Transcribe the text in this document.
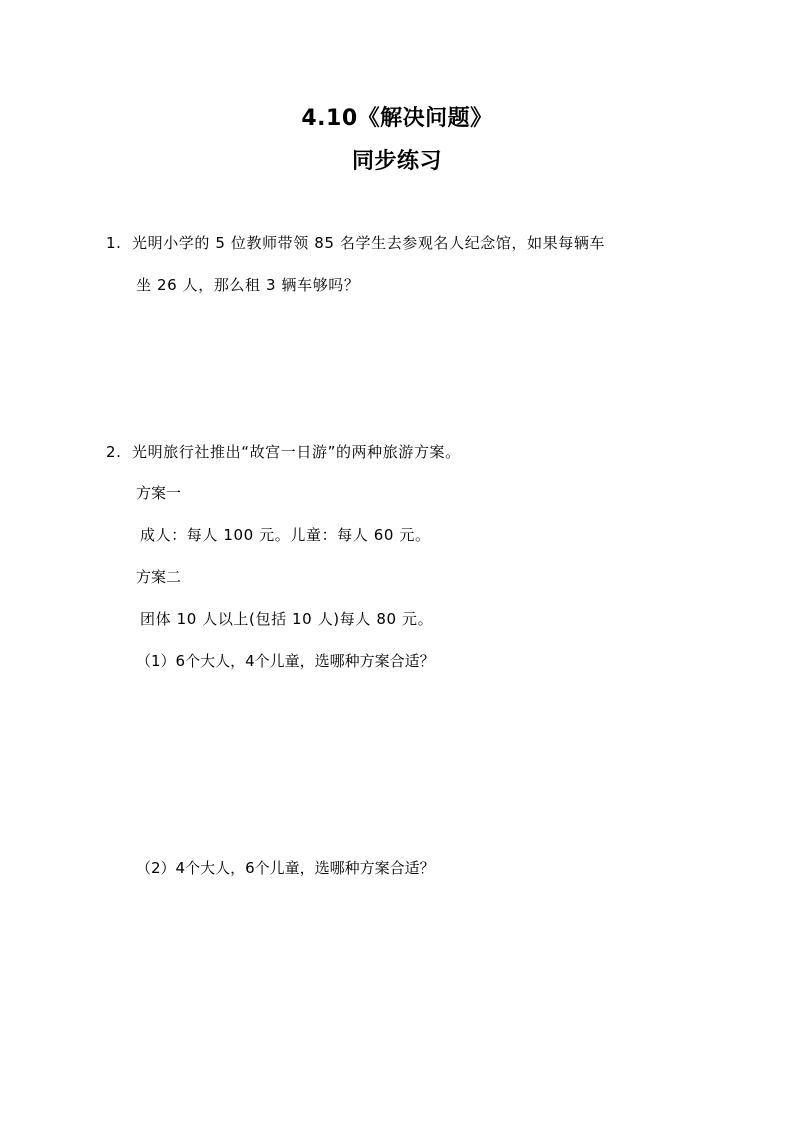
4.10《解决问题》
同步练习
1. 光明小学的 5 位教师带领 85 名学生去参观名人纪念馆，如果每辆车
坐 26 人，那么租 3 辆车够吗？
2. 光明旅行社推出“故宫一日游”的两种旅游方案。
方案一
成人：每人 100 元。儿童：每人 60 元。
方案二
团体 10 人以上(包括 10 人)每人 80 元。
（1）6个大人，4个儿童，选哪种方案合适？
（2）4个大人，6个儿童，选哪种方案合适？
